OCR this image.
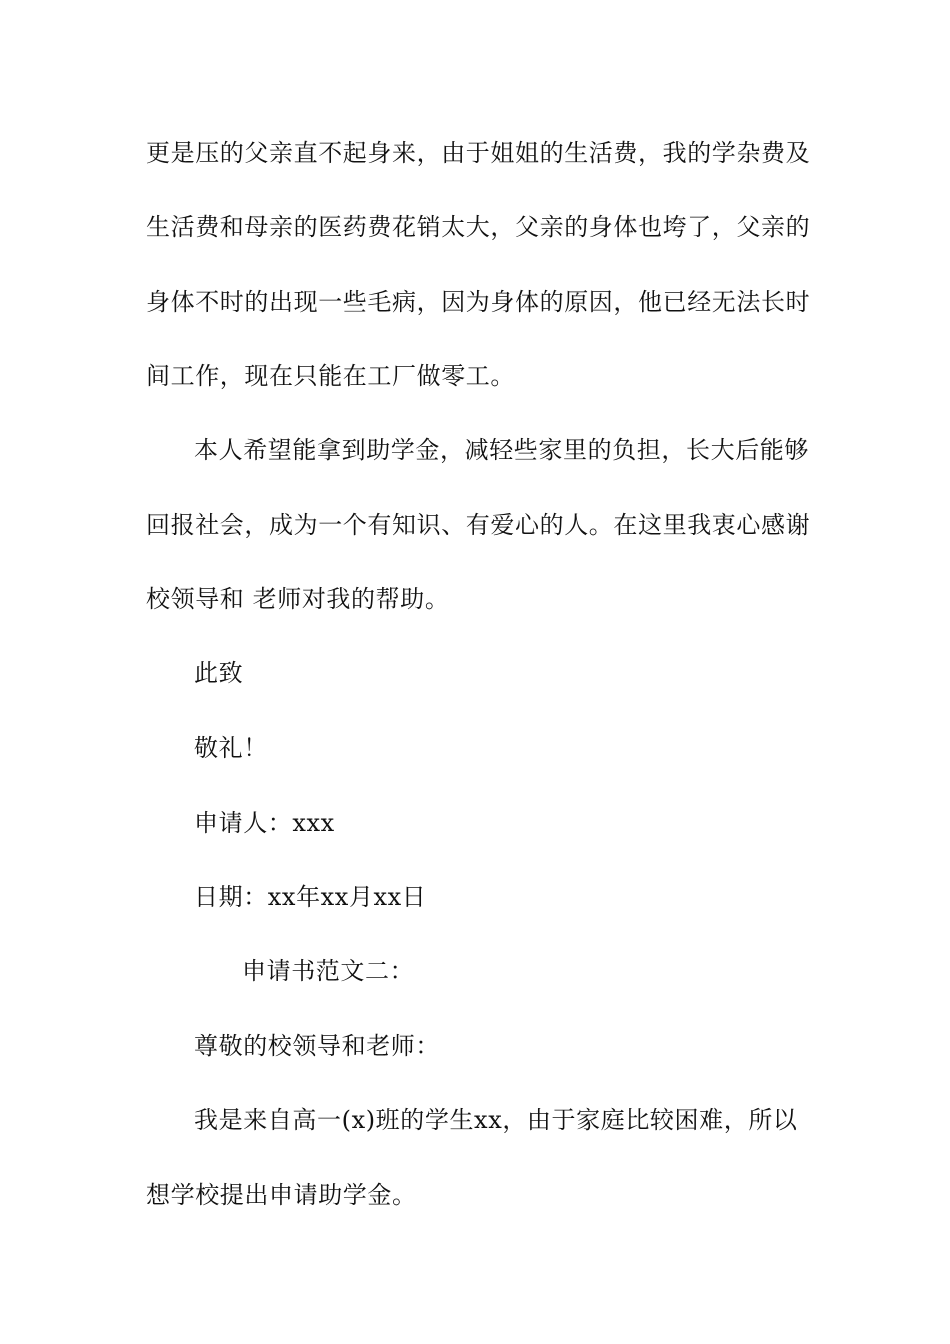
更是压的父亲直不起身来，由于姐姐的生活费，我的学杂费及
生活费和母亲的医药费花销太大，父亲的身体也垮了，父亲的
身体不时的出现一些毛病，因为身体的原因，他已经无法长时
间工作，现在只能在工厂做零工。
本人希望能拿到助学金，减轻些家里的负担，长大后能够
回报社会，成为一个有知识、有爱心的人。在这里我衷心感谢
校领导和 老师对我的帮助。
此致
敬礼！
申请人：xxx
日期：xx年xx月xx日
申请书范文二：
尊敬的校领导和老师：
我是来自高一(x)班的学生xx，由于家庭比较困难，所以
想学校提出申请助学金。
